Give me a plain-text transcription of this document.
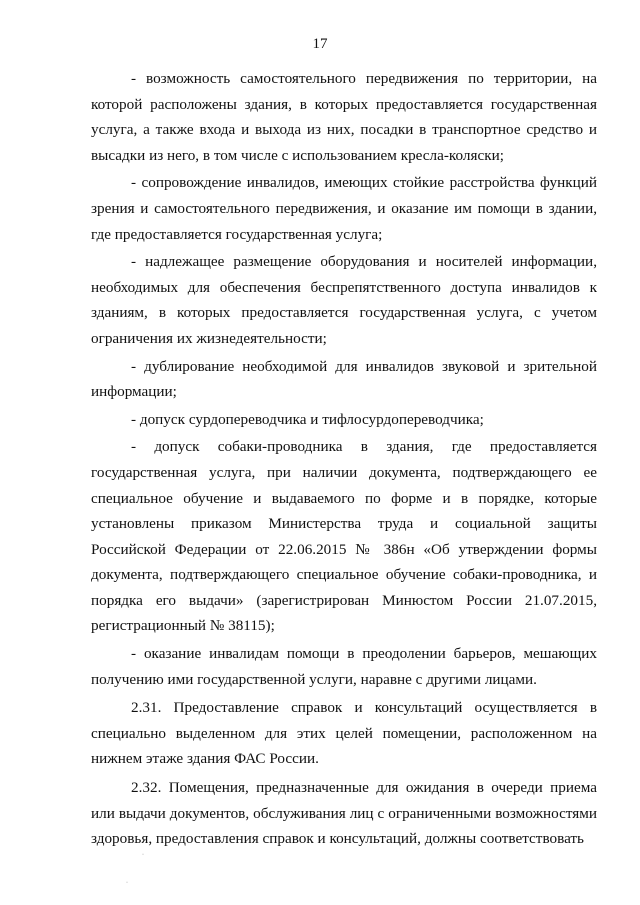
17

- возможность самостоятельного передвижения по территории, на которой расположены здания, в которых предоставляется государственная услуга, а также входа и выхода из них, посадки в транспортное средство и высадки из него, в том числе с использованием кресла-коляски;

- сопровождение инвалидов, имеющих стойкие расстройства функций зрения и самостоятельного передвижения, и оказание им помощи в здании, где предоставляется государственная услуга;

- надлежащее размещение оборудования и носителей информации, необходимых для обеспечения беспрепятственного доступа инвалидов к зданиям, в которых предоставляется государственная услуга, с учетом ограничения их жизнедеятельности;

- дублирование необходимой для инвалидов звуковой и зрительной информации;

- допуск сурдопереводчика и тифлосурдопереводчика;

- допуск собаки-проводника в здания, где предоставляется государственная услуга, при наличии документа, подтверждающего ее специальное обучение и выдаваемого по форме и в порядке, которые установлены приказом Министерства труда и социальной защиты Российской Федерации от 22.06.2015 № 386н «Об утверждении формы документа, подтверждающего специальное обучение собаки-проводника, и порядка его выдачи» (зарегистрирован Минюстом России 21.07.2015, регистрационный № 38115);

- оказание инвалидам помощи в преодолении барьеров, мешающих получению ими государственной услуги, наравне с другими лицами.

2.31. Предоставление справок и консультаций осуществляется в специально выделенном для этих целей помещении, расположенном на нижнем этаже здания ФАС России.

2.32. Помещения, предназначенные для ожидания в очереди приема или выдачи документов, обслуживания лиц с ограниченными возможностями здоровья, предоставления справок и консультаций, должны соответствовать

·
·
